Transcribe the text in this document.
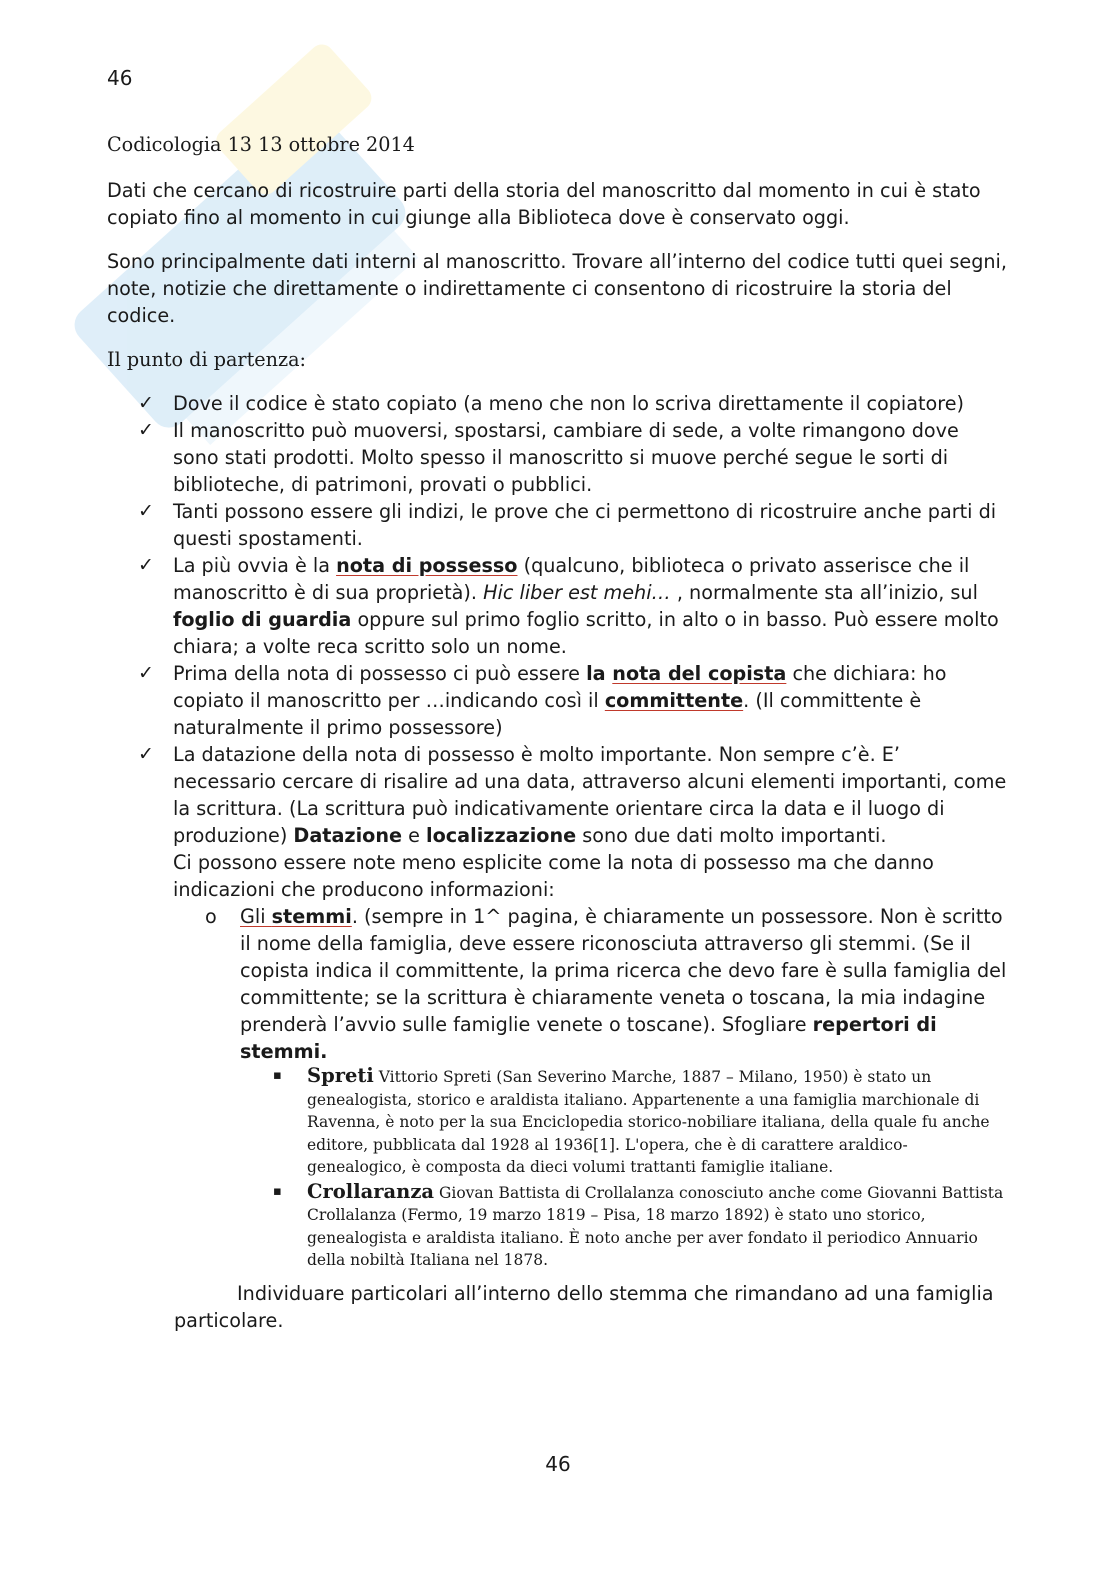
46

Codicologia 13 13 ottobre 2014

Dati che cercano di ricostruire parti della storia del manoscritto dal momento in cui è stato copiato fino al momento in cui giunge alla Biblioteca dove è conservato oggi.

Sono principalmente dati interni al manoscritto. Trovare all’interno del codice tutti quei segni, note, notizie che direttamente o indirettamente ci consentono di ricostruire la storia del codice.

Il punto di partenza:

✓ Dove il codice è stato copiato (a meno che non lo scriva direttamente il copiatore)
✓ Il manoscritto può muoversi, spostarsi, cambiare di sede, a volte rimangono dove sono stati prodotti. Molto spesso il manoscritto si muove perché segue le sorti di biblioteche, di patrimoni, provati o pubblici.
✓ Tanti possono essere gli indizi, le prove che ci permettono di ricostruire anche parti di questi spostamenti.
✓ La più ovvia è la nota di possesso (qualcuno, biblioteca o privato asserisce che il manoscritto è di sua proprietà). Hic liber est mehi… , normalmente sta all’inizio, sul foglio di guardia oppure sul primo foglio scritto, in alto o in basso. Può essere molto chiara; a volte reca scritto solo un nome.
✓ Prima della nota di possesso ci può essere la nota del copista che dichiara: ho copiato il manoscritto per …indicando così il committente. (Il committente è naturalmente il primo possessore)
✓ La datazione della nota di possesso è molto importante. Non sempre c’è. E’ necessario cercare di risalire ad una data, attraverso alcuni elementi importanti, come la scrittura. (La scrittura può indicativamente orientare circa la data e il luogo di produzione) Datazione e localizzazione sono due dati molto importanti.
Ci possono essere note meno esplicite come la nota di possesso ma che danno indicazioni che producono informazioni:
o Gli stemmi. (sempre in 1^ pagina, è chiaramente un possessore. Non è scritto il nome della famiglia, deve essere riconosciuta attraverso gli stemmi. (Se il copista indica il committente, la prima ricerca che devo fare è sulla famiglia del committente; se la scrittura è chiaramente veneta o toscana, la mia indagine prenderà l’avvio sulle famiglie venete o toscane). Sfogliare repertori di stemmi.
▪ Spreti Vittorio Spreti (San Severino Marche, 1887 – Milano, 1950) è stato un genealogista, storico e araldista italiano. Appartenente a una famiglia marchionale di Ravenna, è noto per la sua Enciclopedia storico-nobiliare italiana, della quale fu anche editore, pubblicata dal 1928 al 1936[1]. L'opera, che è di carattere araldico-genealogico, è composta da dieci volumi trattanti famiglie italiane.
▪ Crollaranza Giovan Battista di Crollalanza conosciuto anche come Giovanni Battista Crollalanza (Fermo, 19 marzo 1819 – Pisa, 18 marzo 1892) è stato uno storico, genealogista e araldista italiano. È noto anche per aver fondato il periodico Annuario della nobiltà Italiana nel 1878.

Individuare particolari all’interno dello stemma che rimandano ad una famiglia particolare.

46
